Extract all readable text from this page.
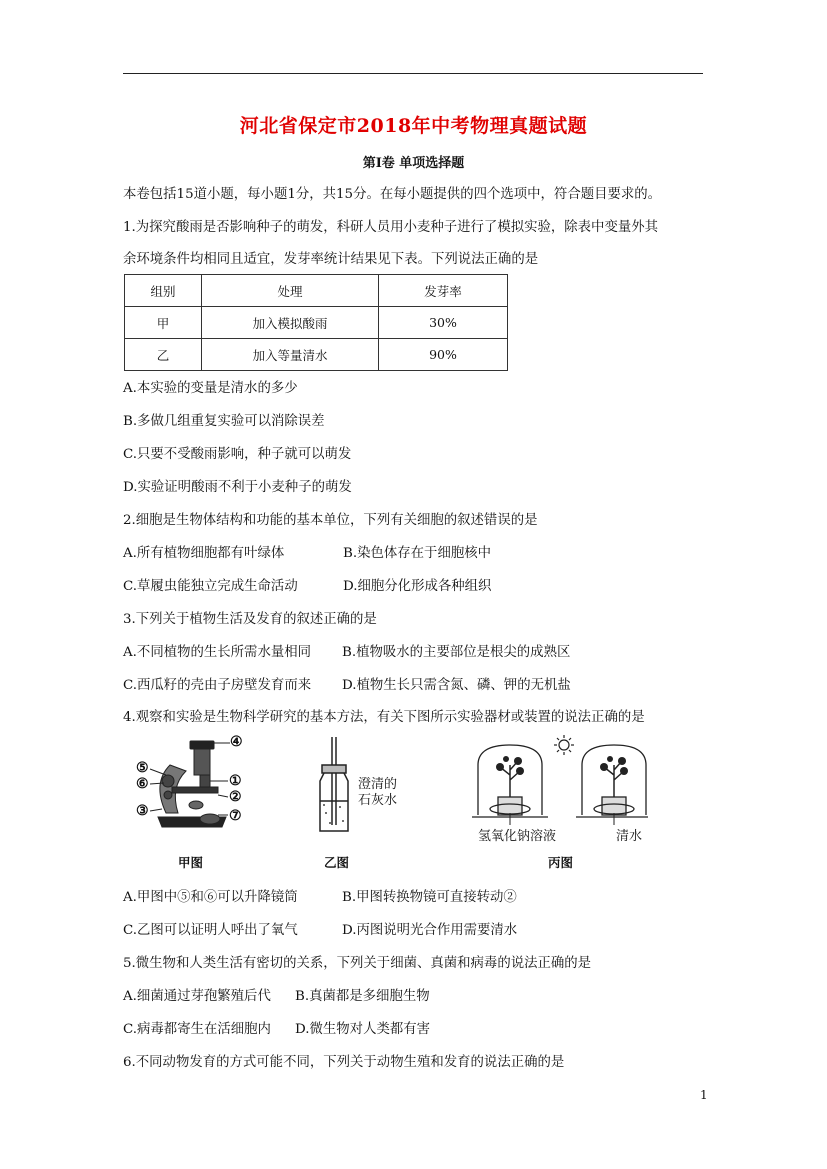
河北省保定市2018年中考物理真题试题
第Ⅰ卷 单项选择题
本卷包括15道小题，每小题1分，共15分。在每小题提供的四个选项中，符合题目要求的。
1.为探究酸雨是否影响种子的萌发，科研人员用小麦种子进行了模拟实验，除表中变量外其
余环境条件均相同且适宜，发芽率统计结果见下表。下列说法正确的是
组别	处理	发芽率
甲	加入模拟酸雨	30%
乙	加入等量清水	90%
A.本实验的变量是清水的多少
B.多做几组重复实验可以消除误差
C.只要不受酸雨影响，种子就可以萌发
D.实验证明酸雨不利于小麦种子的萌发
2.细胞是生物体结构和功能的基本单位，下列有关细胞的叙述错误的是
A.所有植物细胞都有叶绿体	B.染色体存在于细胞核中
C.草履虫能独立完成生命活动	D.细胞分化形成各种组织
3.下列关于植物生活及发育的叙述正确的是
A.不同植物的生长所需水量相同 B.植物吸水的主要部位是根尖的成熟区
C.西瓜籽的壳由子房壁发育而来 D.植物生长只需含氮、磷、钾的无机盐
4.观察和实验是生物科学研究的基本方法，有关下图所示实验器材或装置的说法正确的是
④
⑤
⑥	①
②
③	⑦
甲图
澄清的
石灰水
乙图
氢氧化钠溶液	清水
丙图
A.甲图中⑤和⑥可以升降镜筒	B.甲图转换物镜可直接转动②
C.乙图可以证明人呼出了氧气	D.丙图说明光合作用需要清水
5.微生物和人类生活有密切的关系，下列关于细菌、真菌和病毒的说法正确的是
A.细菌通过芽孢繁殖后代 B.真菌都是多细胞生物
C.病毒都寄生在活细胞内 D.微生物对人类都有害
6.不同动物发育的方式可能不同，下列关于动物生殖和发育的说法正确的是
1
